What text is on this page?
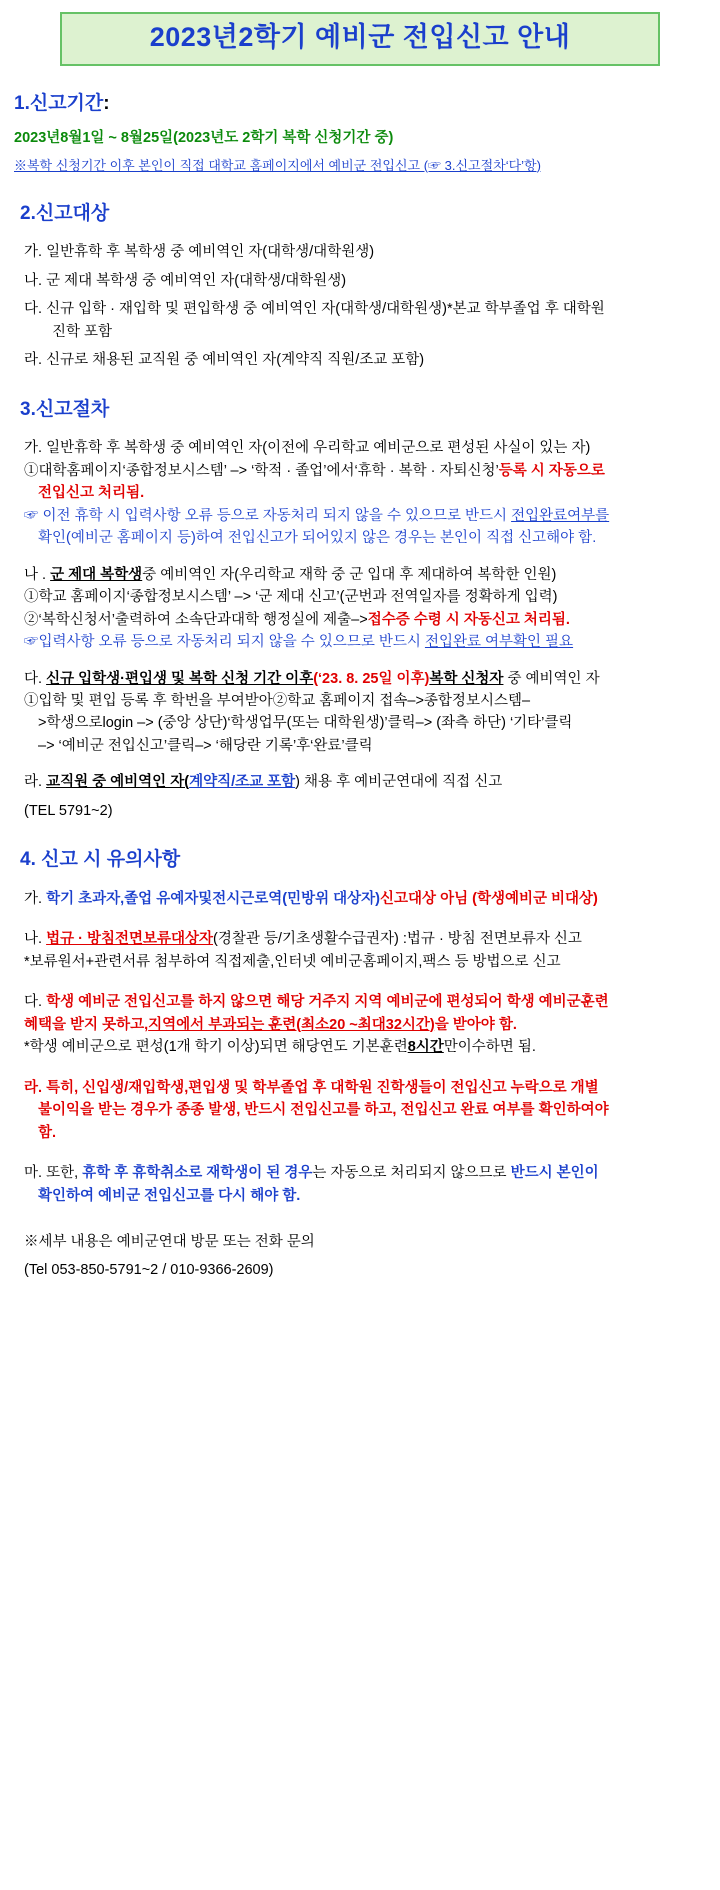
2023년2학기 예비군 전입신고 안내
1.신고기간:
2023년8월1일 ~ 8월25일(2023년도 2학기 복학 신청기간 중)
※복학 신청기간 이후 본인이 직접 대학교 홈페이지에서 예비군 전입신고 (☞ 3.신고절차‘다’항)
2.신고대상
가. 일반휴학 후 복학생 중 예비역인 자(대학생/대학원생)
나. 군 제대 복학생 중 예비역인 자(대학생/대학원생)
다. 신규 입학 · 재입학 및 편입학생 중 예비역인 자(대학생/대학원생)*본교 학부졸업 후 대학원
진학 포함
라. 신규로 채용된 교직원 중 예비역인 자(계약직 직원/조교 포함)
3.신고절차
가. 일반휴학 후 복학생 중 예비역인 자(이전에 우리학교 예비군으로 편성된 사실이 있는 자)
①대학홈페이지‘종합정보시스템’ –> ‘학적 · 졸업’에서‘휴학 · 복학 · 자퇴신청’등록 시 자동으로
전입신고 처리됨.
☞ 이전 휴학 시 입력사항 오류 등으로 자동처리 되지 않을 수 있으므로 반드시 전입완료여부를
확인(예비군 홈페이지 등)하여 전입신고가 되어있지 않은 경우는 본인이 직접 신고해야 함.
나 . 군 제대 복학생중 예비역인 자(우리학교 재학 중 군 입대 후 제대하여 복학한 인원)
①학교 홈페이지‘종합정보시스템’ –> ‘군 제대 신고’(군번과 전역일자를 정확하게 입력)
②‘복학신청서’출력하여 소속단과대학 행정실에 제출–>접수증 수령 시 자동신고 처리됨.
☞입력사항 오류 등으로 자동처리 되지 않을 수 있으므로 반드시 전입완료 여부확인 필요
다. 신규 입학생·편입생 및 복학 신청 기간 이후(‘23. 8. 25일 이후)복학 신청자 중 예비역인 자
①입학 및 편입 등록 후 학번을 부여받아②학교 홈페이지 접속–>종합정보시스템–
>학생으로login –> (중앙 상단)‘학생업무(또는 대학원생)’클릭–> (좌측 하단) ‘기타’클릭
–> ‘예비군 전입신고’클릭–> ‘해당란 기록’후‘완료’클릭
라. 교직원 중 예비역인 자(계약직/조교 포함) 채용 후 예비군연대에 직접 신고
(TEL 5791~2)
4. 신고 시 유의사항
가. 학기 초과자,졸업 유예자및전시근로역(민방위 대상자)신고대상 아님 (학생예비군 비대상)
나. 법규 · 방침전면보류대상자(경찰관 등/기초생활수급권자) :법규 · 방침 전면보류자 신고
*보류원서+관련서류 첨부하여 직접제출,인터넷 예비군홈페이지,팩스 등 방법으로 신고
다. 학생 예비군 전입신고를 하지 않으면 해당 거주지 지역 예비군에 편성되어 학생 예비군훈련
혜택을 받지 못하고,지역에서 부과되는 훈련(최소20 ~최대32시간)을 받아야 함.
*학생 예비군으로 편성(1개 학기 이상)되면 해당연도 기본훈련8시간만이수하면 됨.
라. 특히, 신입생/재입학생,편입생 및 학부졸업 후 대학원 진학생들이 전입신고 누락으로 개별
불이익을 받는 경우가 종종 발생, 반드시 전입신고를 하고, 전입신고 완료 여부를 확인하여야
함.
마. 또한, 휴학 후 휴학취소로 재학생이 된 경우는 자동으로 처리되지 않으므로 반드시 본인이
확인하여 예비군 전입신고를 다시 해야 함.
※세부 내용은 예비군연대 방문 또는 전화 문의
(Tel 053-850-5791~2 / 010-9366-2609)
